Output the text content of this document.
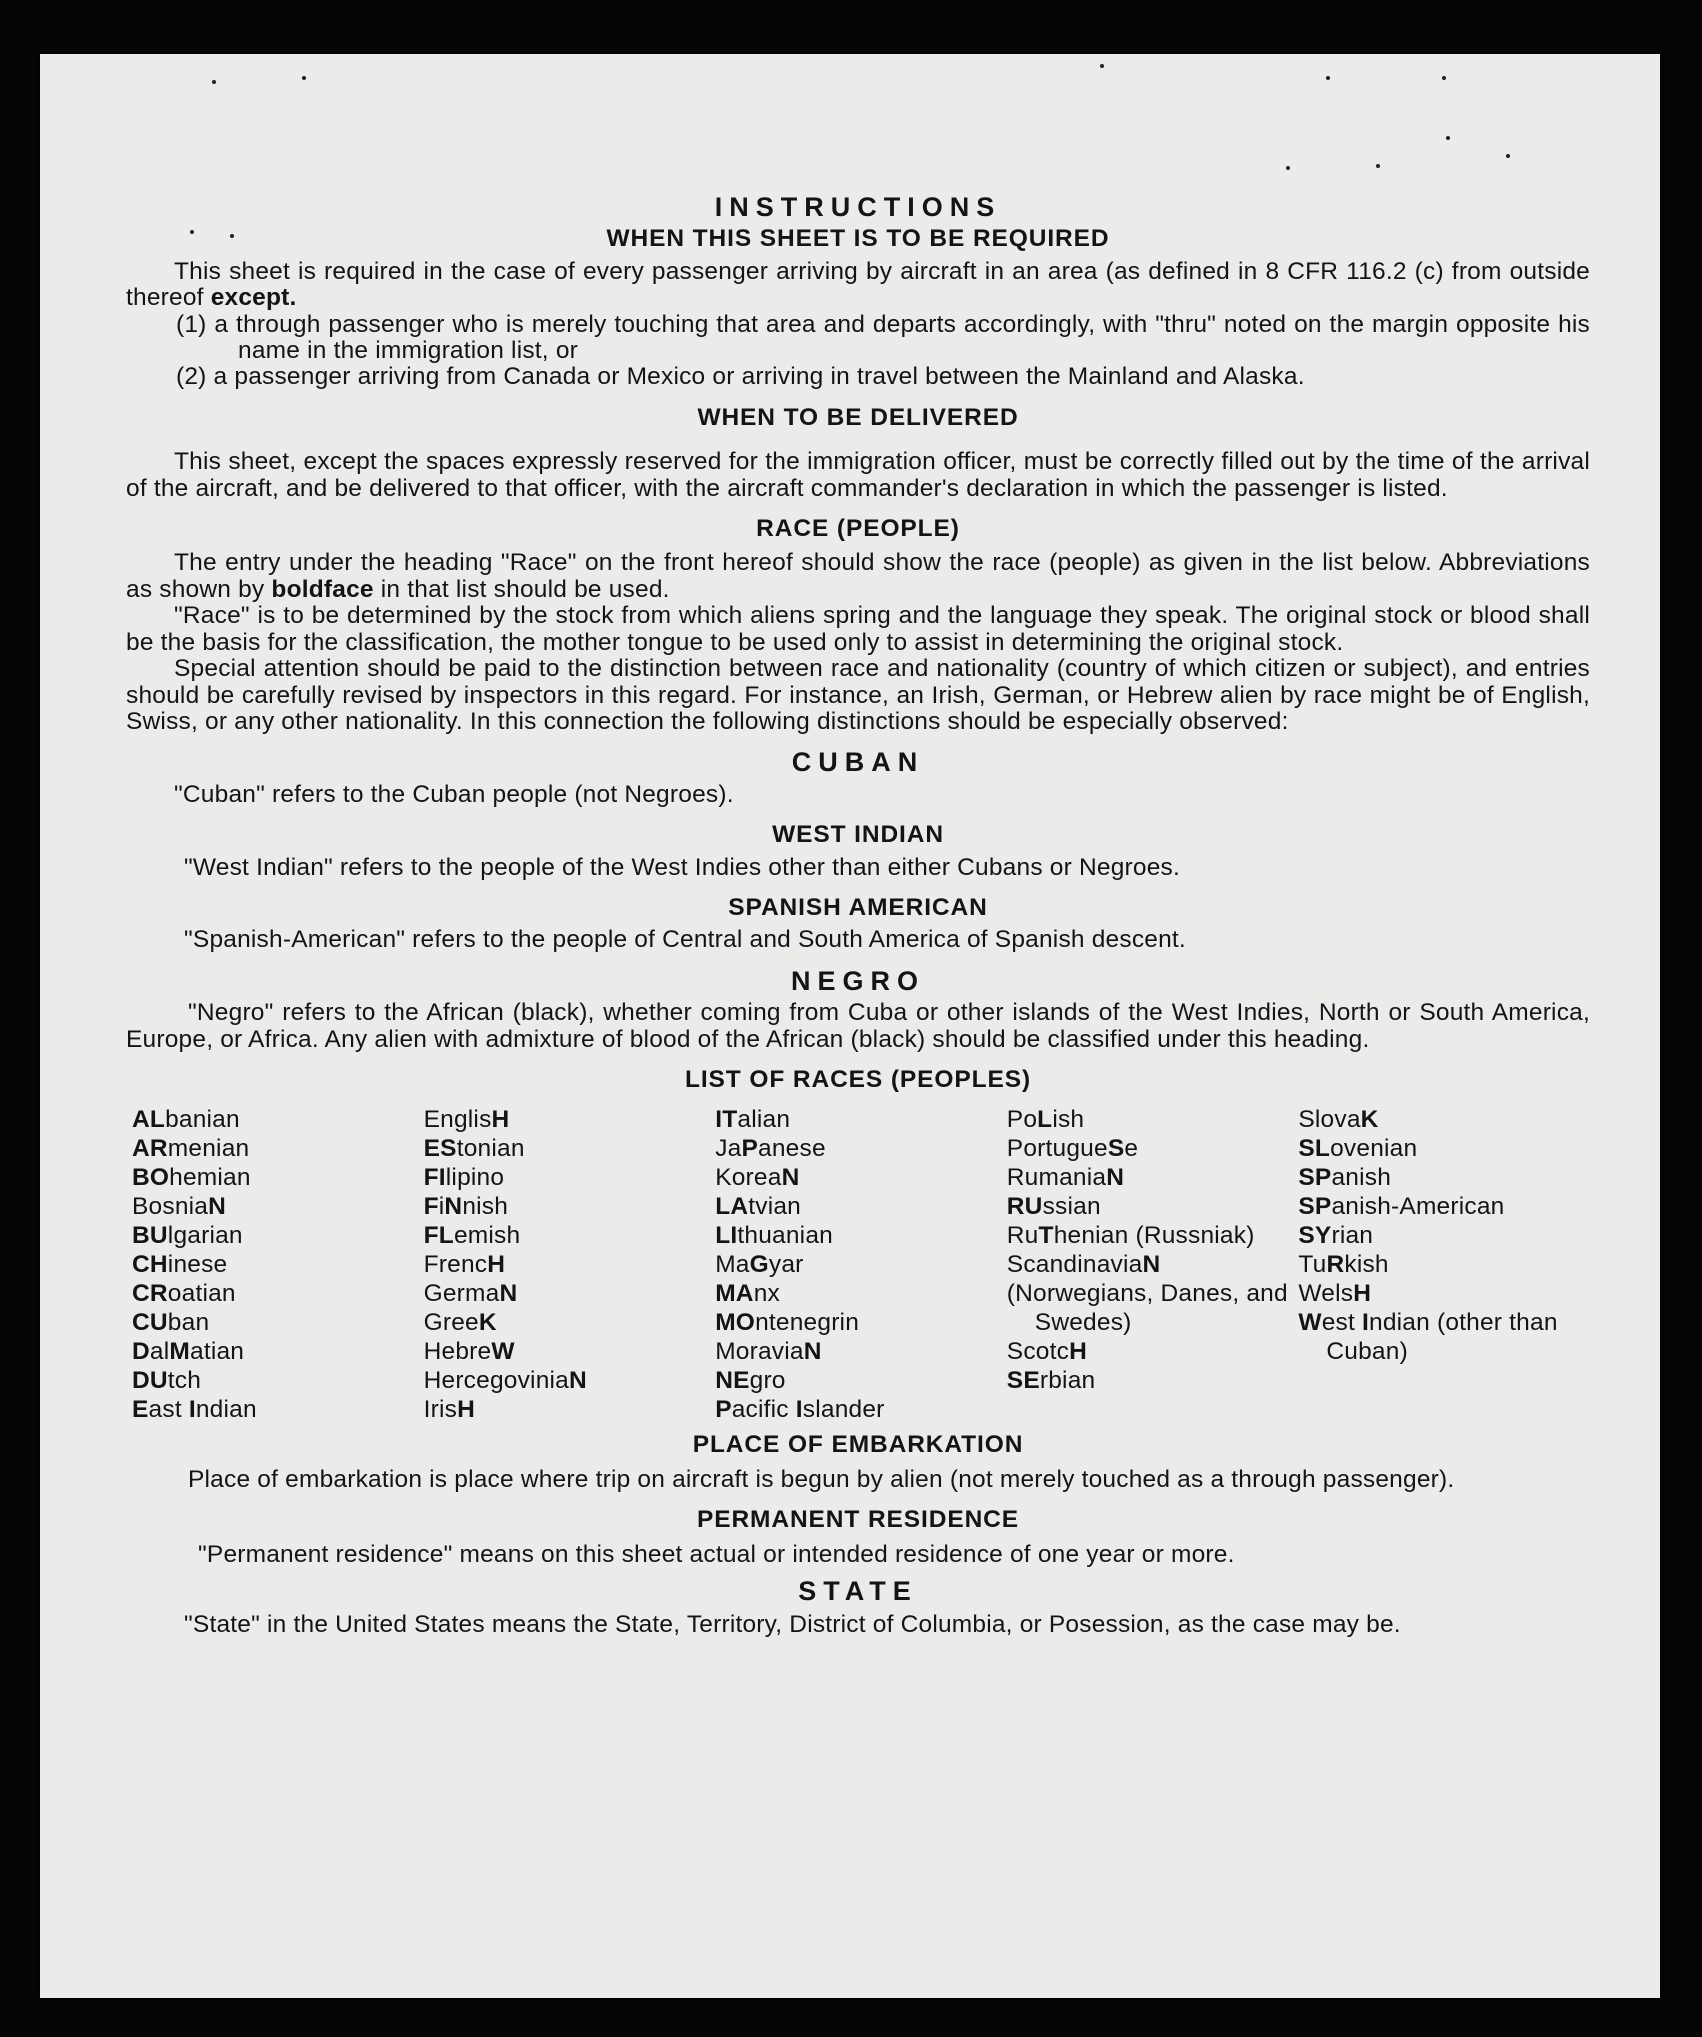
INSTRUCTIONS
WHEN THIS SHEET IS TO BE REQUIRED

This sheet is required in the case of every passenger arriving by aircraft in an area (as defined in 8 CFR 116.2 (c) from outside thereof except.

(1) a through passenger who is merely touching that area and departs accordingly, with "thru" noted on the margin opposite his name in the immigration list, or

(2) a passenger arriving from Canada or Mexico or arriving in travel between the Mainland and Alaska.

WHEN TO BE DELIVERED

This sheet, except the spaces expressly reserved for the immigration officer, must be correctly filled out by the time of the arrival of the aircraft, and be delivered to that officer, with the aircraft commander's declaration in which the passenger is listed.

RACE (PEOPLE)

The entry under the heading "Race" on the front hereof should show the race (people) as given in the list below. Abbreviations as shown by boldface in that list should be used.

"Race" is to be determined by the stock from which aliens spring and the language they speak. The original stock or blood shall be the basis for the classification, the mother tongue to be used only to assist in determining the original stock.

Special attention should be paid to the distinction between race and nationality (country of which citizen or subject), and entries should be carefully revised by inspectors in this regard. For instance, an Irish, German, or Hebrew alien by race might be of English, Swiss, or any other nationality. In this connection the following distinctions should be especially observed:

CUBAN

"Cuban" refers to the Cuban people (not Negroes).

WEST INDIAN

"West Indian" refers to the people of the West Indies other than either Cubans or Negroes.

SPANISH AMERICAN

"Spanish-American" refers to the people of Central and South America of Spanish descent.

NEGRO

"Negro" refers to the African (black), whether coming from Cuba or other islands of the West Indies, North or South America, Europe, or Africa. Any alien with admixture of blood of the African (black) should be classified under this heading.

LIST OF RACES (PEOPLES)
ALbanian
ARmenian
BOhemian
BosniaN
BUlgarian
CHinese
CRoatian
CUban
DalMatian
DUtch
East Indian
EnglisH
EStonian
FIlipino
FiNnish
FLemish
FrencH
GermaN
GreeK
HebreW
HercegoviniaN
IrisH
ITalian
JaPanese
KoreaN
LAtvian
LIthuanian
MaGyar
MAnx
MOntenegrin
MoraviaN
NEgro
Pacific Islander
PoLish
PortugueSe
RumaniaN
RUssian
RuThenian (Russniak)
ScandinaviaN
(Norwegians, Danes, and Swedes)
ScotcH
SErbian
SlovaK
SLovenian
SPanish
SPanish-American
SYrian
TuRkish
WelsH
West Indian (other than Cuban)
PLACE OF EMBARKATION

Place of embarkation is place where trip on aircraft is begun by alien (not merely touched as a through passenger).

PERMANENT RESIDENCE

"Permanent residence" means on this sheet actual or intended residence of one year or more.

STATE

"State" in the United States means the State, Territory, District of Columbia, or Posession, as the case may be.
